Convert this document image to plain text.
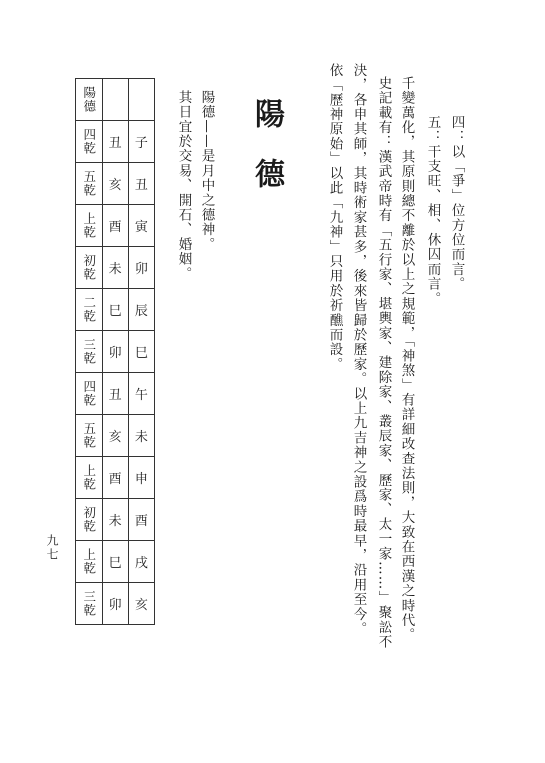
四：以「爭」位方位而言。
五：干支旺、相、休囚而言。
千變萬化，其原則總不離於以上之規範，「神煞」有詳細改查法則，大致在西漢之時代。
史記載有：漢武帝時有「五行家、堪輿家、建除家、叢辰家、歷家、太一家……」聚訟不
決，各申其師，其時術家甚多，後來皆歸於歷家。以上九吉神之設爲時最早，沿用至今。
依「歷神原始」以此「九神」只用於祈醮而設。
陽德
陽德——是月中之德神。
其日宜於交易、開石、婚姻。
陽德		
四乾	丑	子
五乾	亥	丑
上乾	酉	寅
初乾	未	卯
二乾	巳	辰
三乾	卯	巳
四乾	丑	午
五乾	亥	未
上乾	酉	申
初乾	未	酉
上乾	巳	戌
三乾	卯	亥
九七
